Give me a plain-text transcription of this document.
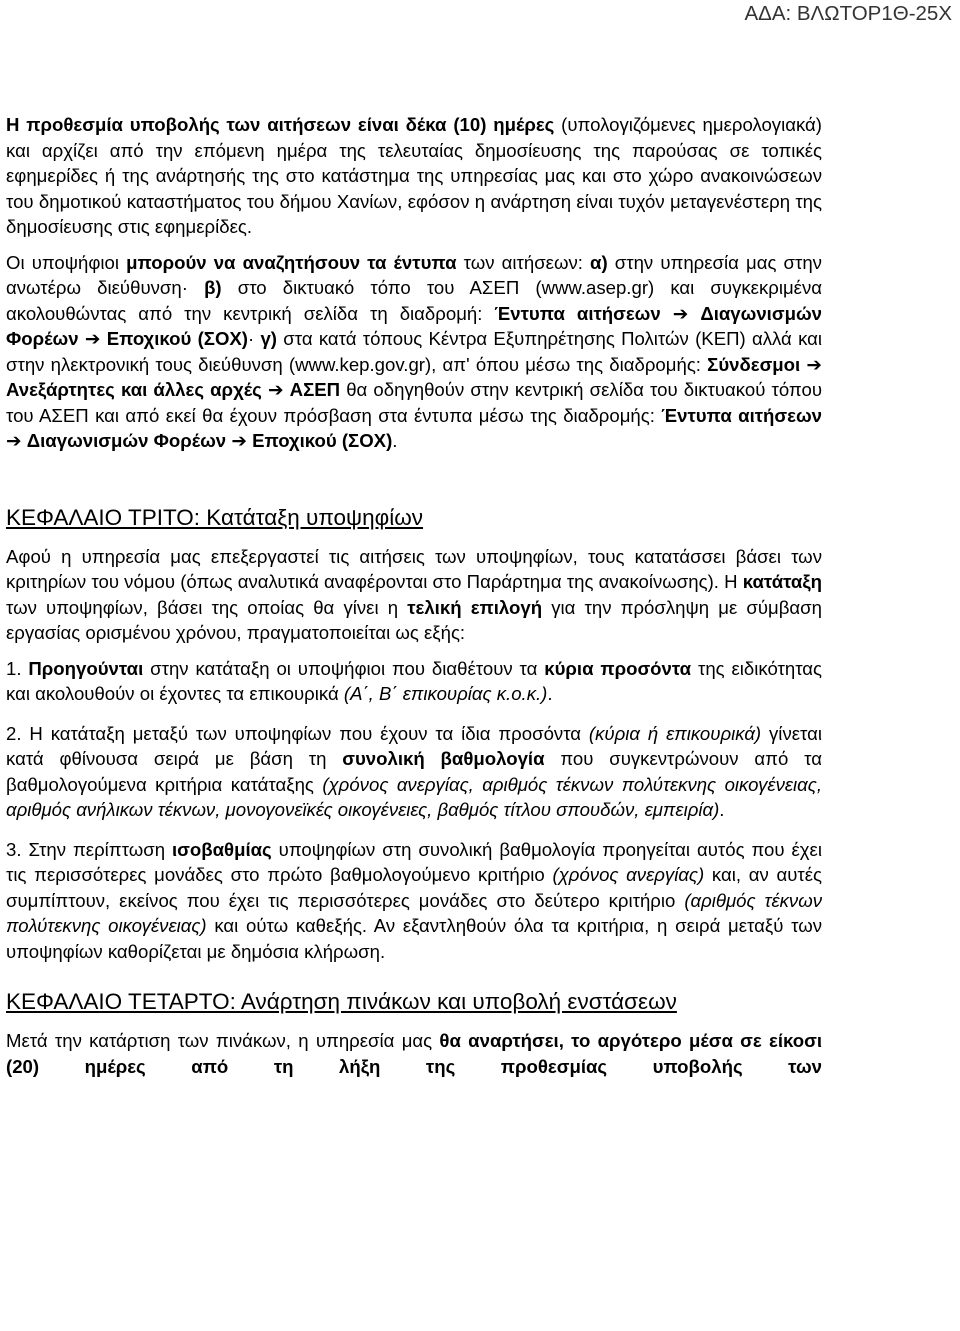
ΑΔΑ: ΒΛΩΤΟΡ1Θ-25Χ

Η προθεσμία υποβολής των αιτήσεων είναι δέκα (10) ημέρες (υπολογιζόμενες ημερολογιακά) και αρχίζει από την επόμενη ημέρα της τελευταίας δημοσίευσης της παρούσας σε τοπικές εφημερίδες ή της ανάρτησής της στο κατάστημα της υπηρεσίας μας και στο χώρο ανακοινώσεων του δημοτικού καταστήματος του δήμου Χανίων, εφόσον η ανάρτηση είναι τυχόν μεταγενέστερη της δημοσίευσης στις εφημερίδες.

Οι υποψήφιοι μπορούν να αναζητήσουν τα έντυπα των αιτήσεων: α) στην υπηρεσία μας στην ανωτέρω διεύθυνση· β) στο δικτυακό τόπο του ΑΣΕΠ (www.asep.gr) και συγκεκριμένα ακολουθώντας από την κεντρική σελίδα τη διαδρομή: Έντυπα αιτήσεων ➔ Διαγωνισμών Φορέων ➔ Εποχικού (ΣΟΧ)· γ) στα κατά τόπους Κέντρα Εξυπηρέτησης Πολιτών (ΚΕΠ) αλλά και στην ηλεκτρονική τους διεύθυνση (www.kep.gov.gr), απ' όπου μέσω της διαδρομής: Σύνδεσμοι ➔ Ανεξάρτητες και άλλες αρχές ➔ ΑΣΕΠ θα οδηγηθούν στην κεντρική σελίδα του δικτυακού τόπου του ΑΣΕΠ και από εκεί θα έχουν πρόσβαση στα έντυπα μέσω της διαδρομής: Έντυπα αιτήσεων ➔ Διαγωνισμών Φορέων ➔ Εποχικού (ΣΟΧ).

ΚΕΦΑΛΑΙΟ ΤΡΙΤΟ: Κατάταξη υποψηφίων

Αφού η υπηρεσία μας επεξεργαστεί τις αιτήσεις των υποψηφίων, τους κατατάσσει βάσει των κριτηρίων του νόμου (όπως αναλυτικά αναφέρονται στο Παράρτημα της ανακοίνωσης). Η κατάταξη των υποψηφίων, βάσει της οποίας θα γίνει η τελική επιλογή για την πρόσληψη με σύμβαση εργασίας ορισμένου χρόνου, πραγματοποιείται ως εξής:

1. Προηγούνται στην κατάταξη οι υποψήφιοι που διαθέτουν τα κύρια προσόντα της ειδικότητας και ακολουθούν οι έχοντες τα επικουρικά (Α΄, Β΄ επικουρίας κ.ο.κ.).

2. Η κατάταξη μεταξύ των υποψηφίων που έχουν τα ίδια προσόντα (κύρια ή επικουρικά) γίνεται κατά φθίνουσα σειρά με βάση τη συνολική βαθμολογία που συγκεντρώνουν από τα βαθμολογούμενα κριτήρια κατάταξης (χρόνος ανεργίας, αριθμός τέκνων πολύτεκνης οικογένειας, αριθμός ανήλικων τέκνων, μονογονεϊκές οικογένειες, βαθμός τίτλου σπουδών, εμπειρία).

3. Στην περίπτωση ισοβαθμίας υποψηφίων στη συνολική βαθμολογία προηγείται αυτός που έχει τις περισσότερες μονάδες στο πρώτο βαθμολογούμενο κριτήριο (χρόνος ανεργίας) και, αν αυτές συμπίπτουν, εκείνος που έχει τις περισσότερες μονάδες στο δεύτερο κριτήριο (αριθμός τέκνων πολύτεκνης οικογένειας) και ούτω καθεξής. Αν εξαντληθούν όλα τα κριτήρια, η σειρά μεταξύ των υποψηφίων καθορίζεται με δημόσια κλήρωση.

ΚΕΦΑΛΑΙΟ ΤΕΤΑΡΤΟ: Ανάρτηση πινάκων και υποβολή ενστάσεων

Μετά την κατάρτιση των πινάκων, η υπηρεσία μας θα αναρτήσει, το αργότερο μέσα σε είκοσι (20) ημέρες από τη λήξη της προθεσμίας υποβολής των
